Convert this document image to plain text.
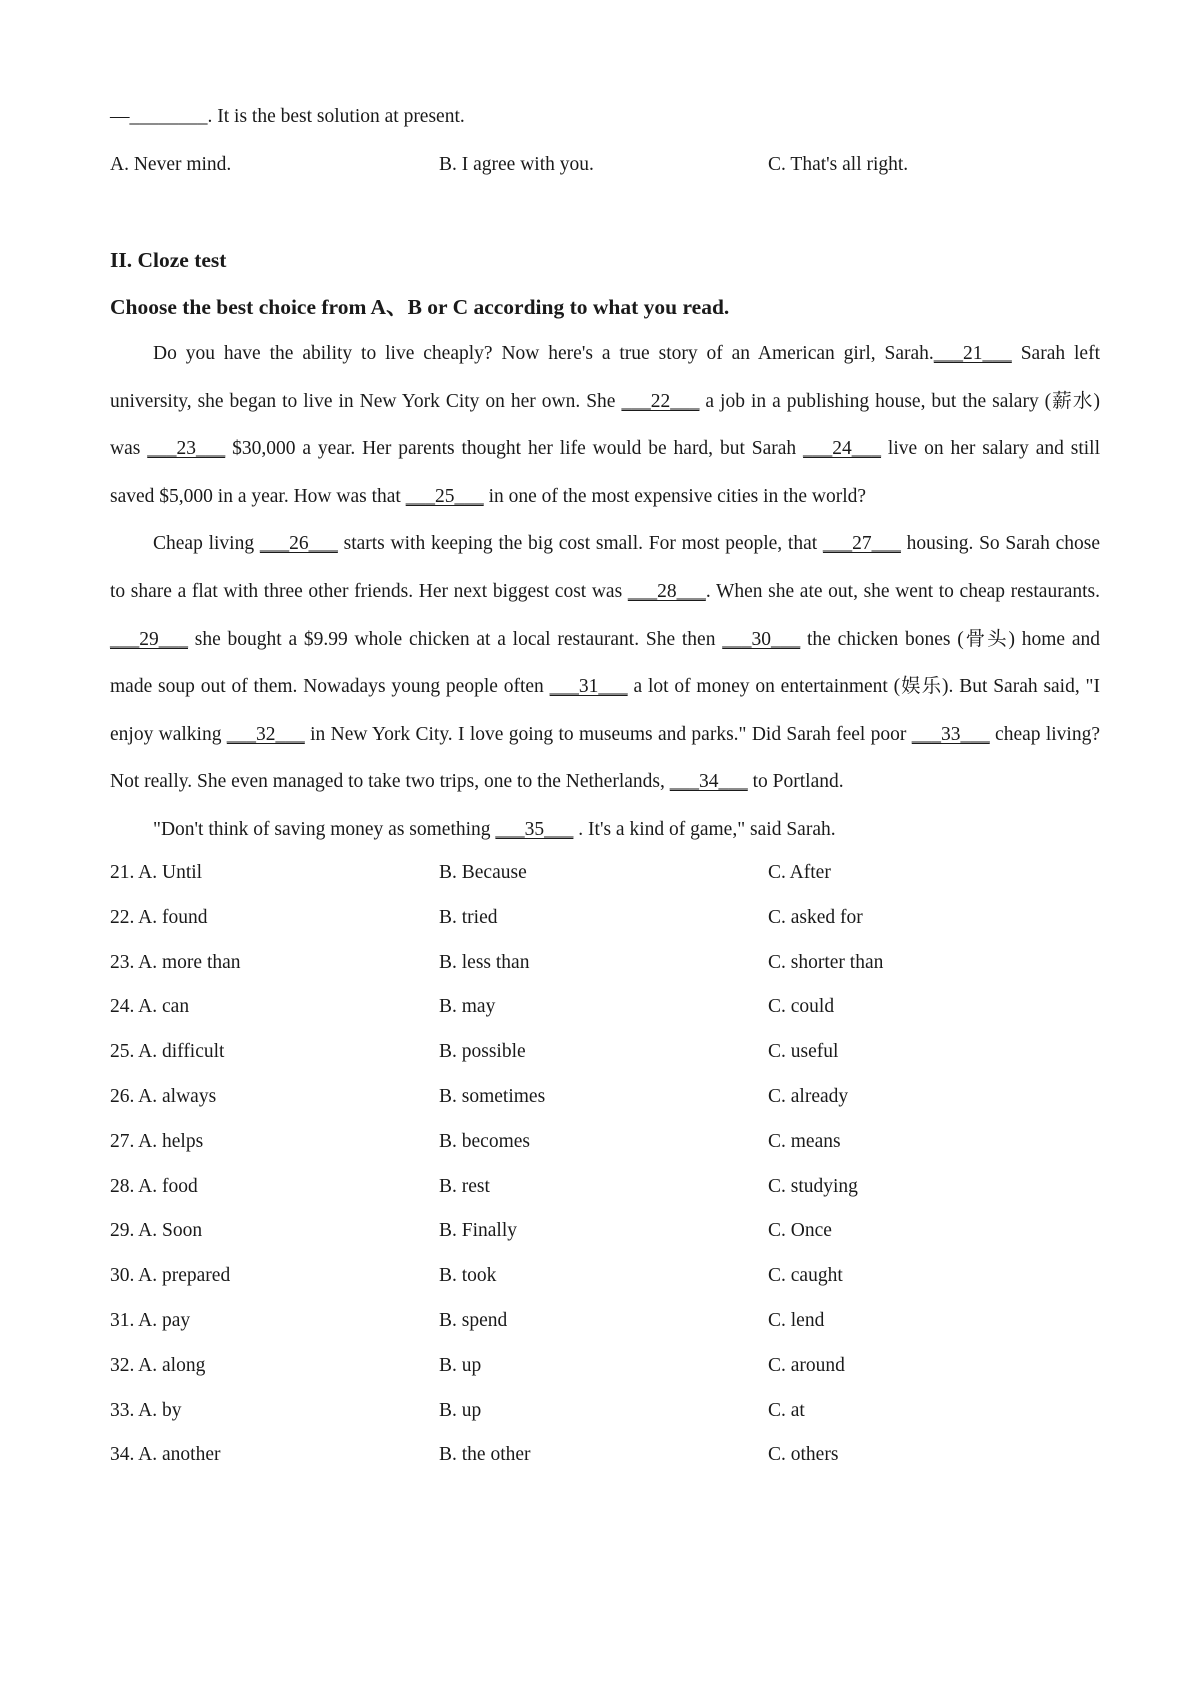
—________. It is the best solution at present.
A. Never mind.	B. I agree with you.	C. That's all right.
II. Cloze test
Choose the best choice from A、B or C according to what you read.

Do you have the ability to live cheaply? Now here's a true story of an American girl, Sarah.___21___ Sarah left university, she began to live in New York City on her own. She ___22___ a job in a publishing house, but the salary (薪水) was ___23___ $30,000 a year. Her parents thought her life would be hard, but Sarah ___24___ live on her salary and still saved $5,000 in a year. How was that ___25___ in one of the most expensive cities in the world?

Cheap living ___26___ starts with keeping the big cost small. For most people, that ___27___ housing. So Sarah chose to share a flat with three other friends. Her next biggest cost was ___28___. When she ate out, she went to cheap restaurants. ___29___ she bought a $9.99 whole chicken at a local restaurant. She then ___30___ the chicken bones (骨头) home and made soup out of them. Nowadays young people often ___31___ a lot of money on entertainment (娱乐). But Sarah said, "I enjoy walking ___32___ in New York City. I love going to museums and parks." Did Sarah feel poor ___33___ cheap living? Not really. She even managed to take two trips, one to the Netherlands, ___34___ to Portland.

"Don't think of saving money as something ___35___ . It's a kind of game," said Sarah.

21. A. Until	B. Because	C. After
22. A. found	B. tried	C. asked for
23. A. more than	B. less than	C. shorter than
24. A. can	B. may	C. could
25. A. difficult	B. possible	C. useful
26. A. always	B. sometimes	C. already
27. A. helps	B. becomes	C. means
28. A. food	B. rest	C. studying
29. A. Soon	B. Finally	C. Once
30. A. prepared	B. took	C. caught
31. A. pay	B. spend	C. lend
32. A. along	B. up	C. around
33. A. by	B. up	C. at
34. A. another	B. the other	C. others
